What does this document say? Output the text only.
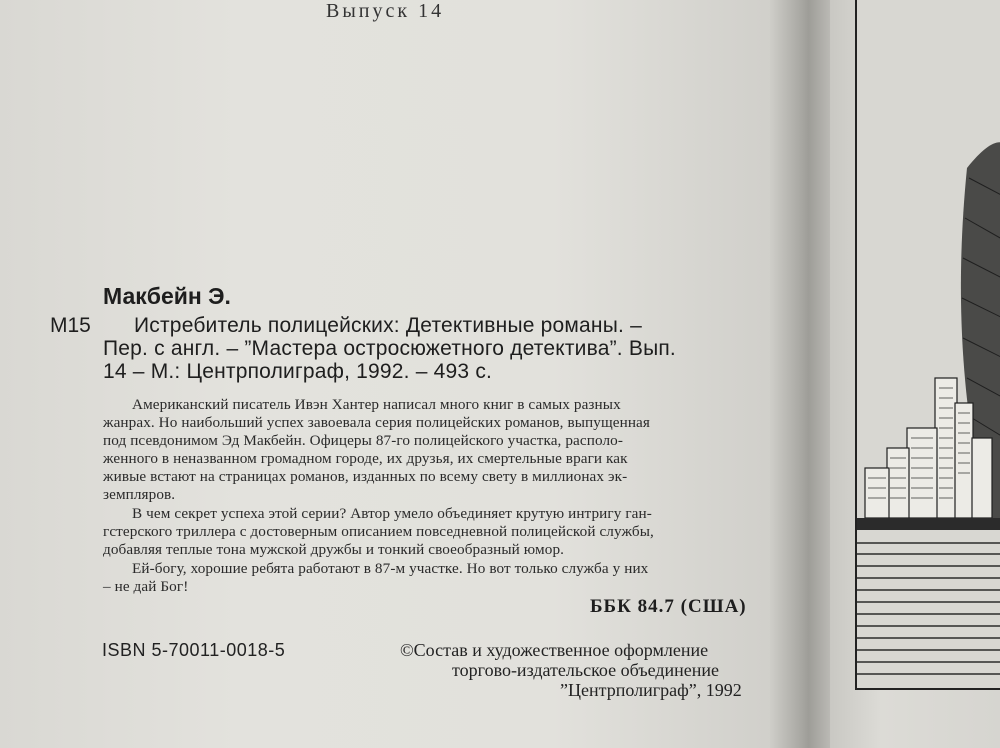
Выпуск 14

Макбейн Э.

М15 Истребитель полицейских: Детективные романы. –

Пер. с англ. – ”Мастера остросюжетного детектива”. Вып.

14 – М.: Центрполиграф, 1992. – 493 с.

Американский писатель Ивэн Хантер написал много книг в самых разных

жанрах. Но наибольший успех завоевала серия полицейских романов, выпущенная

под псевдонимом Эд Макбейн. Офицеры 87-го полицейского участка, располо-

женного в неназванном громадном городе, их друзья, их смертельные враги как

живые встают на страницах романов, изданных по всему свету в миллионах эк-

земпляров.

В чем секрет успеха этой серии? Автор умело объединяет крутую интригу ган-

гстерского триллера с достоверным описанием повседневной полицейской службы,

добавляя теплые тона мужской дружбы и тонкий своеобразный юмор.

Ей-богу, хорошие ребята работают в 87-м участке. Но вот только служба у них

– не дай Бог!

ББК 84.7 (США)

ISBN 5-70011-0018-5	©Состав и художественное оформление

торгово-издательское объединение

”Центрполиграф”, 1992
